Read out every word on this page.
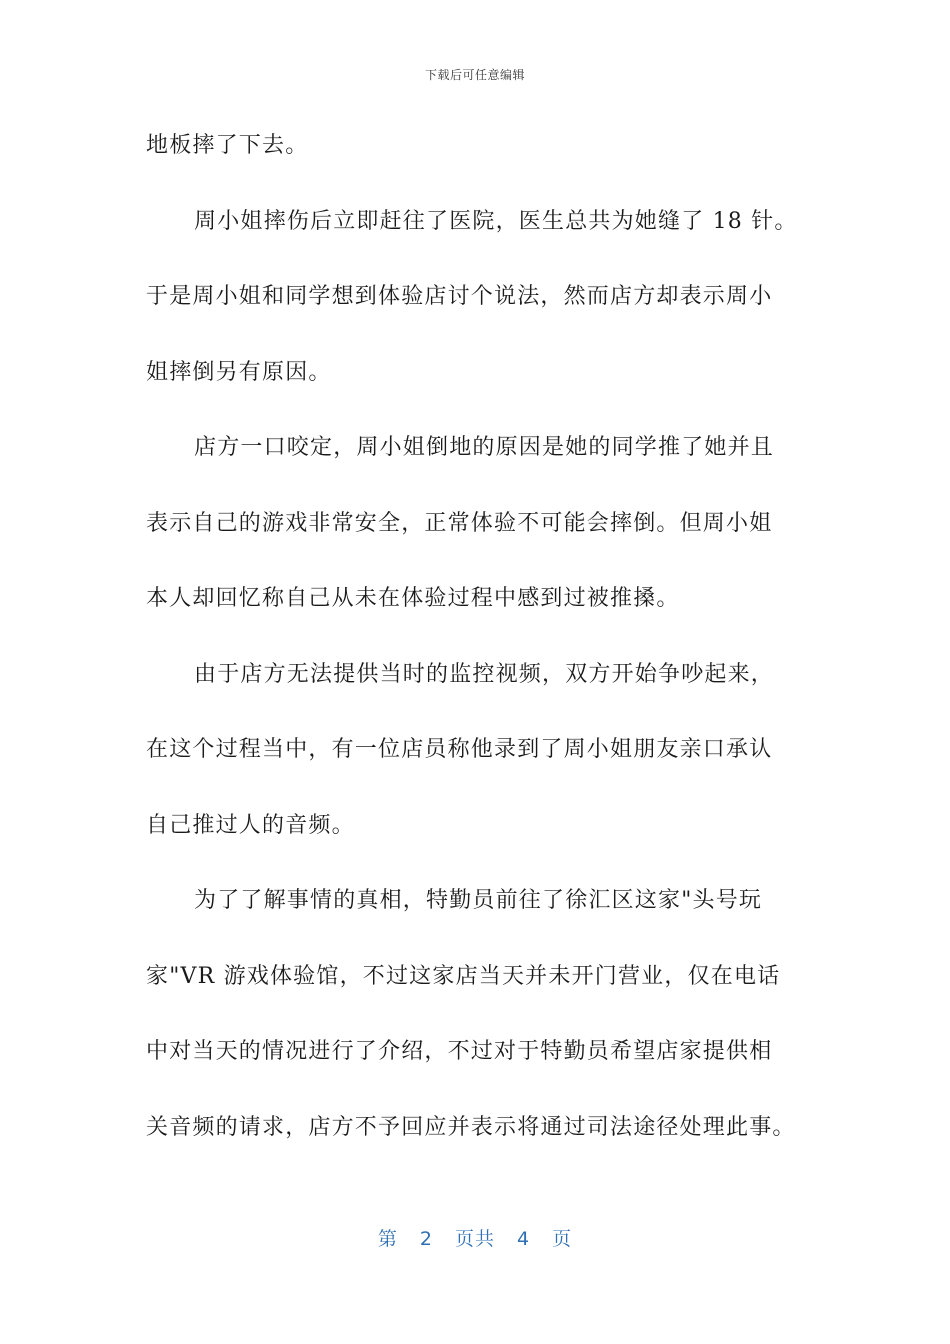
下载后可任意编辑
地板摔了下去。
周小姐摔伤后立即赶往了医院，医生总共为她缝了 18 针。
于是周小姐和同学想到体验店讨个说法，然而店方却表示周小
姐摔倒另有原因。
店方一口咬定，周小姐倒地的原因是她的同学推了她并且
表示自己的游戏非常安全，正常体验不可能会摔倒。但周小姐
本人却回忆称自己从未在体验过程中感到过被推搡。
由于店方无法提供当时的监控视频，双方开始争吵起来，
在这个过程当中，有一位店员称他录到了周小姐朋友亲口承认
自己推过人的音频。
为了了解事情的真相，特勤员前往了徐汇区这家"头号玩
家"VR 游戏体验馆，不过这家店当天并未开门营业，仅在电话
中对当天的情况进行了介绍，不过对于特勤员希望店家提供相
关音频的请求，店方不予回应并表示将通过司法途径处理此事。
第 2 页共 4 页
